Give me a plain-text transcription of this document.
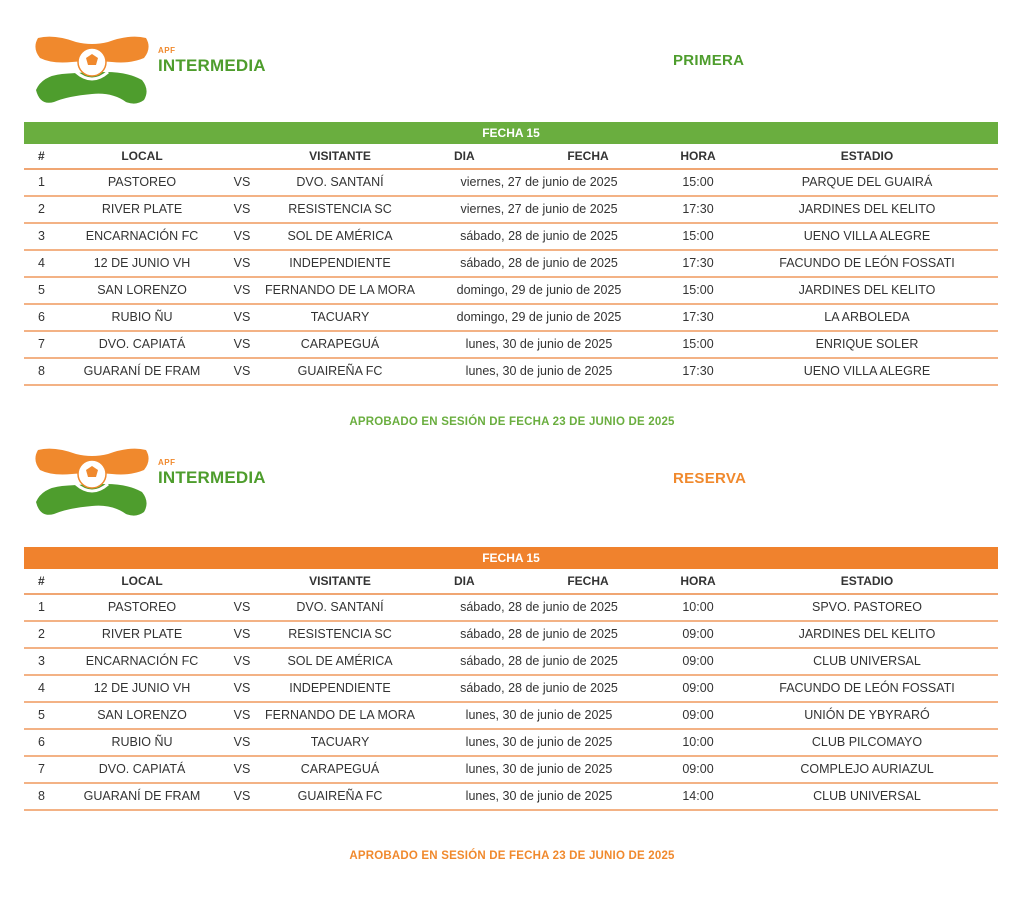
APF
INTERMEDIA	PRIMERA
FECHA 15
#	LOCAL	VISITANTE	DIA	FECHA	HORA	ESTADIO
1	PASTOREO	VS	DVO. SANTANÍ	viernes, 27 de junio de 2025	15:00	PARQUE DEL GUAIRÁ
2	RIVER PLATE	VS	RESISTENCIA SC	viernes, 27 de junio de 2025	17:30	JARDINES DEL KELITO
3	ENCARNACIÓN FC	VS	SOL DE AMÉRICA	sábado, 28 de junio de 2025	15:00	UENO VILLA ALEGRE
4	12 DE JUNIO VH	VS	INDEPENDIENTE	sábado, 28 de junio de 2025	17:30	FACUNDO DE LEÓN FOSSATI
5	SAN LORENZO	VS	FERNANDO DE LA MORA	domingo, 29 de junio de 2025	15:00	JARDINES DEL KELITO
6	RUBIO ÑU	VS	TACUARY	domingo, 29 de junio de 2025	17:30	LA ARBOLEDA
7	DVO. CAPIATÁ	VS	CARAPEGUÁ	lunes, 30 de junio de 2025	15:00	ENRIQUE SOLER
8	GUARANÍ DE FRAM	VS	GUAIREÑA FC	lunes, 30 de junio de 2025	17:30	UENO VILLA ALEGRE
APROBADO EN SESIÓN DE FECHA 23 DE JUNIO DE 2025
APF
INTERMEDIA	RESERVA
FECHA 15
#	LOCAL	VISITANTE	DIA	FECHA	HORA	ESTADIO
1	PASTOREO	VS	DVO. SANTANÍ	sábado, 28 de junio de 2025	10:00	SPVO. PASTOREO
2	RIVER PLATE	VS	RESISTENCIA SC	sábado, 28 de junio de 2025	09:00	JARDINES DEL KELITO
3	ENCARNACIÓN FC	VS	SOL DE AMÉRICA	sábado, 28 de junio de 2025	09:00	CLUB UNIVERSAL
4	12 DE JUNIO VH	VS	INDEPENDIENTE	sábado, 28 de junio de 2025	09:00	FACUNDO DE LEÓN FOSSATI
5	SAN LORENZO	VS	FERNANDO DE LA MORA	lunes, 30 de junio de 2025	09:00	UNIÓN DE YBYRARÓ
6	RUBIO ÑU	VS	TACUARY	lunes, 30 de junio de 2025	10:00	CLUB PILCOMAYO
7	DVO. CAPIATÁ	VS	CARAPEGUÁ	lunes, 30 de junio de 2025	09:00	COMPLEJO AURIAZUL
8	GUARANÍ DE FRAM	VS	GUAIREÑA FC	lunes, 30 de junio de 2025	14:00	CLUB UNIVERSAL
APROBADO EN SESIÓN DE FECHA 23 DE JUNIO DE 2025
